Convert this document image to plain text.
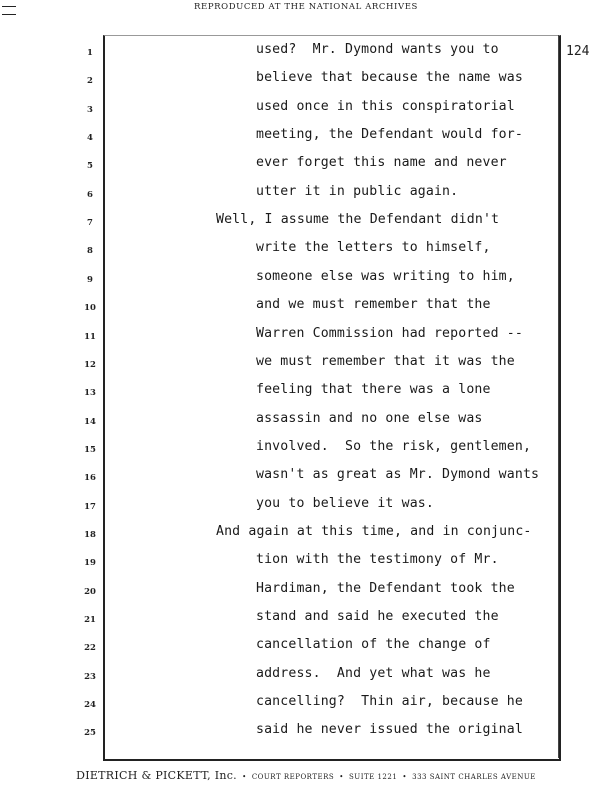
REPRODUCED AT THE NATIONAL ARCHIVES
124
1	used?  Mr. Dymond wants you to
2	believe that because the name was
3	used once in this conspiratorial
4	meeting, the Defendant would for-
5	ever forget this name and never
6	utter it in public again.
7	Well, I assume the Defendant didn't
8	write the letters to himself,
9	someone else was writing to him,
10	and we must remember that the
11	Warren Commission had reported --
12	we must remember that it was the
13	feeling that there was a lone
14	assassin and no one else was
15	involved.  So the risk, gentlemen,
16	wasn't as great as Mr. Dymond wants
17	you to believe it was.
18	And again at this time, and in conjunc-
19	tion with the testimony of Mr.
20	Hardiman, the Defendant took the
21	stand and said he executed the
22	cancellation of the change of
23	address.  And yet what was he
24	cancelling?  Thin air, because he
25	said he never issued the original
DIETRICH & PICKETT, Inc. • COURT REPORTERS • SUITE 1221 • 333 SAINT CHARLES AVENUE
